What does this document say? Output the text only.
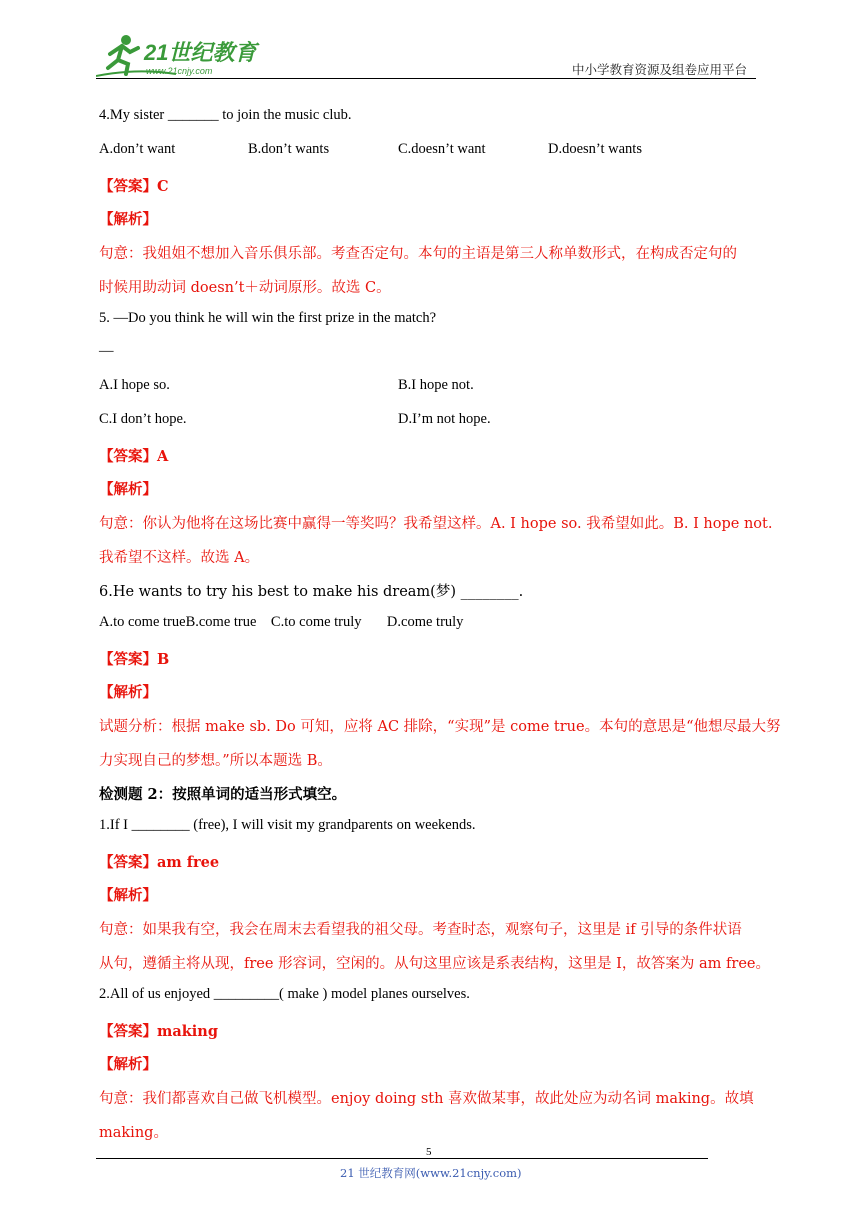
21世纪教育
www.21cnjy.com	中小学教育资源及组卷应用平台
4.My sister _______ to join the music club.
A.don’t want	B.don’t wants	C.doesn’t want	D.doesn’t wants
【答案】C
【解析】
句意：我姐姐不想加入音乐俱乐部。考查否定句。本句的主语是第三人称单数形式，在构成否定句的
时候用助动词 doesn’t＋动词原形。故选 C。
5. —Do you think he will win the first prize in the match?
—
A.I hope so.	B.I hope not.
C.I don’t hope.	D.I’m not hope.
【答案】A
【解析】
句意：你认为他将在这场比赛中赢得一等奖吗？我希望这样。A. I hope so. 我希望如此。B. I hope not.
我希望不这样。故选 A。
6.He wants to try his best to make his dream(梦) ________.
A.to come trueB.come true    C.to come truly       D.come truly
【答案】B
【解析】
试题分析：根据 make sb. Do 可知，应将 AC 排除，“实现”是 come true。本句的意思是“他想尽最大努
力实现自己的梦想。”所以本题选 B。
检测题 2：按照单词的适当形式填空。
1.If I ________ (free), I will visit my grandparents on weekends.
【答案】am free
【解析】
句意：如果我有空，我会在周末去看望我的祖父母。考查时态，观察句子，这里是 if 引导的条件状语
从句，遵循主将从现，free 形容词，空闲的。从句这里应该是系表结构，这里是 I，故答案为 am free。
2.All of us enjoyed _________( make ) model planes ourselves.
【答案】making
【解析】
句意：我们都喜欢自己做飞机模型。enjoy doing sth 喜欢做某事，故此处应为动名词 making。故填
making。
5
21 世纪教育网(www.21cnjy.com)
